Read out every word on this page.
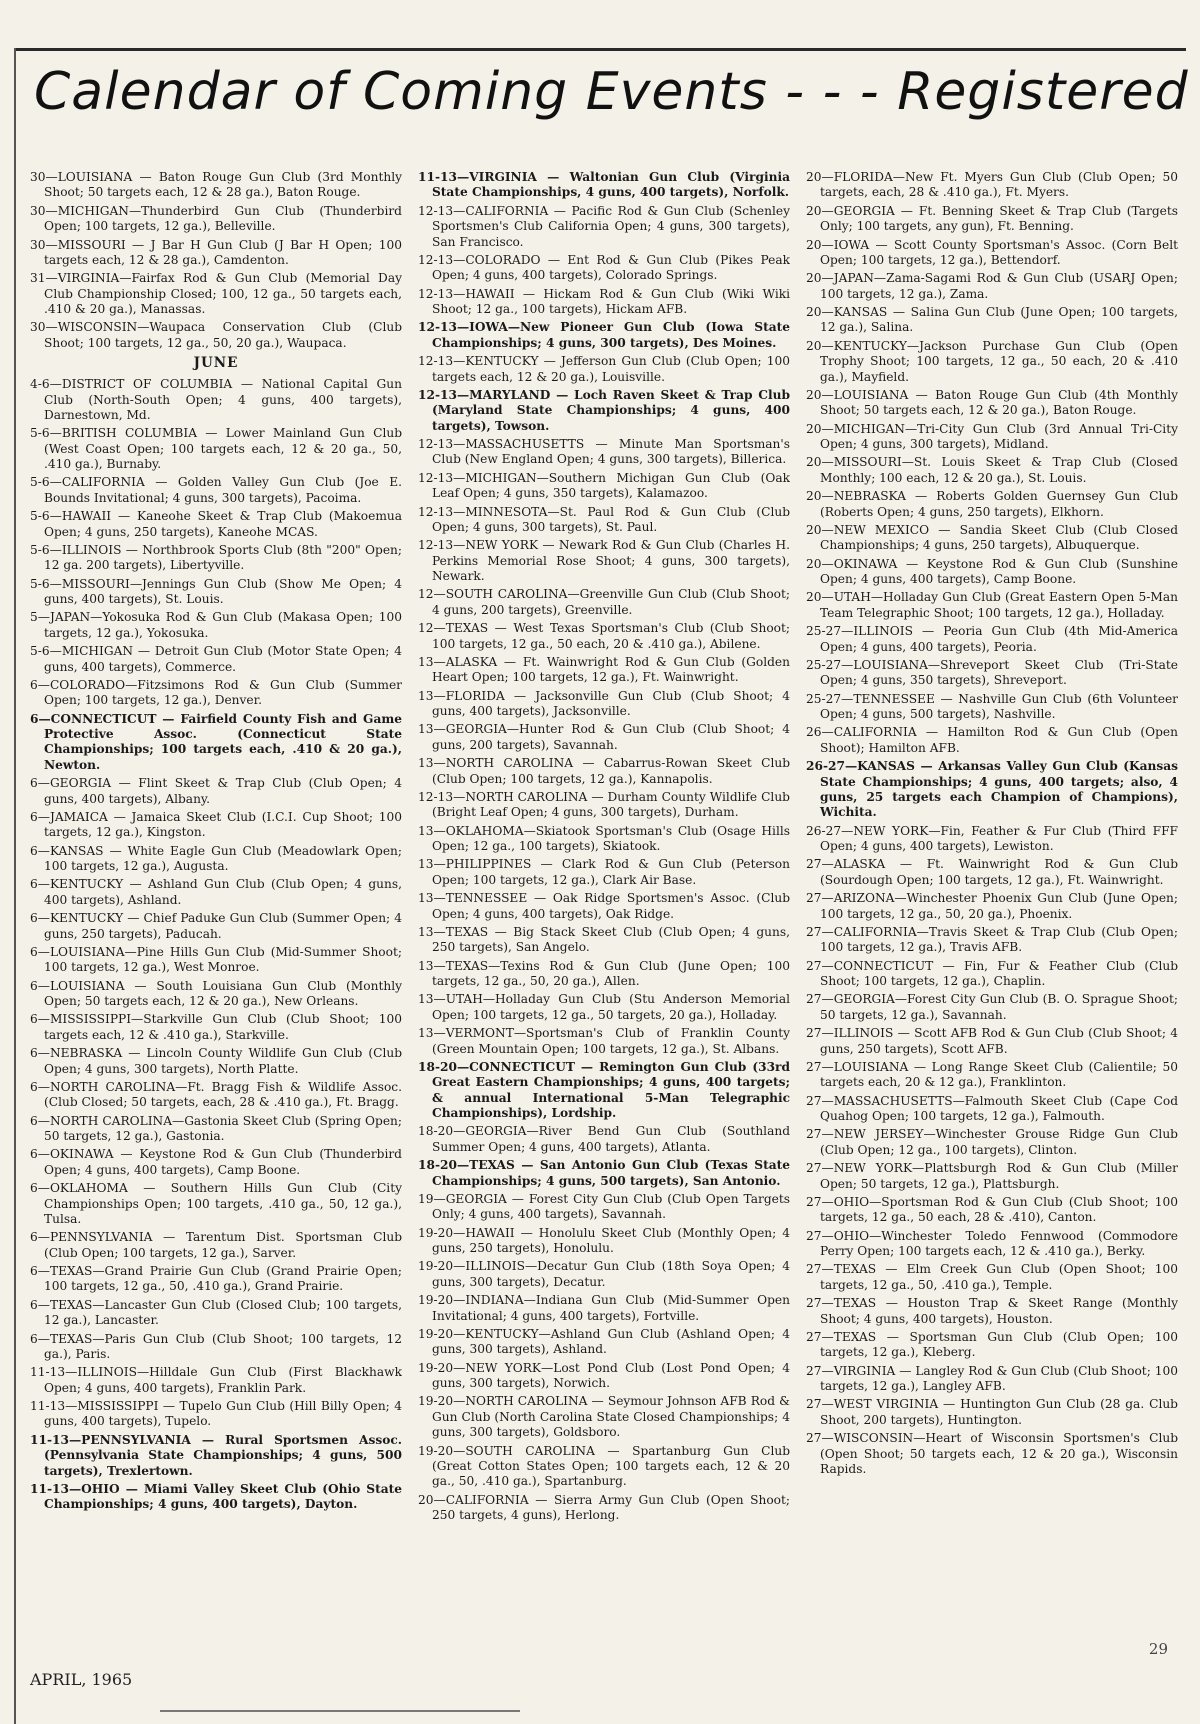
Calendar of Coming Events - - - Registered

30—LOUISIANA — Baton Rouge Gun Club (3rd Monthly Shoot; 50 targets each, 12 & 28 ga.), Baton Rouge.

30—MICHIGAN—Thunderbird Gun Club (Thunderbird Open; 100 targets, 12 ga.), Belleville.

30—MISSOURI — J Bar H Gun Club (J Bar H Open; 100 targets each, 12 & 28 ga.), Camdenton.

31—VIRGINIA—Fairfax Rod & Gun Club (Memorial Day Club Championship Closed; 100, 12 ga., 50 targets each, .410 & 20 ga.), Manassas.

30—WISCONSIN—Waupaca Conservation Club (Club Shoot; 100 targets, 12 ga., 50, 20 ga.), Waupaca.

JUNE

4-6—DISTRICT OF COLUMBIA — National Capital Gun Club (North-South Open; 4 guns, 400 targets), Darnestown, Md.

5-6—BRITISH COLUMBIA — Lower Mainland Gun Club (West Coast Open; 100 targets each, 12 & 20 ga., 50, .410 ga.), Burnaby.

5-6—CALIFORNIA — Golden Valley Gun Club (Joe E. Bounds Invitational; 4 guns, 300 targets), Pacoima.

5-6—HAWAII — Kaneohe Skeet & Trap Club (Makoemua Open; 4 guns, 250 targets), Kaneohe MCAS.

5-6—ILLINOIS — Northbrook Sports Club (8th "200" Open; 12 ga. 200 targets), Libertyville.

5-6—MISSOURI—Jennings Gun Club (Show Me Open; 4 guns, 400 targets), St. Louis.

5—JAPAN—Yokosuka Rod & Gun Club (Makasa Open; 100 targets, 12 ga.), Yokosuka.

5-6—MICHIGAN — Detroit Gun Club (Motor State Open; 4 guns, 400 targets), Commerce.

6—COLORADO—Fitzsimons Rod & Gun Club (Summer Open; 100 targets, 12 ga.), Denver.

6—CONNECTICUT — Fairfield County Fish and Game Protective Assoc. (Connecticut State Championships; 100 targets each, .410 & 20 ga.), Newton.

6—GEORGIA — Flint Skeet & Trap Club (Club Open; 4 guns, 400 targets), Albany.

6—JAMAICA — Jamaica Skeet Club (I.C.I. Cup Shoot; 100 targets, 12 ga.), Kingston.

6—KANSAS — White Eagle Gun Club (Meadowlark Open; 100 targets, 12 ga.), Augusta.

6—KENTUCKY — Ashland Gun Club (Club Open; 4 guns, 400 targets), Ashland.

6—KENTUCKY — Chief Paduke Gun Club (Summer Open; 4 guns, 250 targets), Paducah.

6—LOUISIANA—Pine Hills Gun Club (Mid-Summer Shoot; 100 targets, 12 ga.), West Monroe.

6—LOUISIANA — South Louisiana Gun Club (Monthly Open; 50 targets each, 12 & 20 ga.), New Orleans.

6—MISSISSIPPI—Starkville Gun Club (Club Shoot; 100 targets each, 12 & .410 ga.), Starkville.

6—NEBRASKA — Lincoln County Wildlife Gun Club (Club Open; 4 guns, 300 targets), North Platte.

6—NORTH CAROLINA—Ft. Bragg Fish & Wildlife Assoc. (Club Closed; 50 targets, each, 28 & .410 ga.), Ft. Bragg.

6—NORTH CAROLINA—Gastonia Skeet Club (Spring Open; 50 targets, 12 ga.), Gastonia.

6—OKINAWA — Keystone Rod & Gun Club (Thunderbird Open; 4 guns, 400 targets), Camp Boone.

6—OKLAHOMA — Southern Hills Gun Club (City Championships Open; 100 targets, .410 ga., 50, 12 ga.), Tulsa.

6—PENNSYLVANIA — Tarentum Dist. Sportsman Club (Club Open; 100 targets, 12 ga.), Sarver.

6—TEXAS—Grand Prairie Gun Club (Grand Prairie Open; 100 targets, 12 ga., 50, .410 ga.), Grand Prairie.

6—TEXAS—Lancaster Gun Club (Closed Club; 100 targets, 12 ga.), Lancaster.

6—TEXAS—Paris Gun Club (Club Shoot; 100 targets, 12 ga.), Paris.

11-13—ILLINOIS—Hilldale Gun Club (First Blackhawk Open; 4 guns, 400 targets), Franklin Park.

11-13—MISSISSIPPI — Tupelo Gun Club (Hill Billy Open; 4 guns, 400 targets), Tupelo.

11-13—PENNSYLVANIA — Rural Sportsmen Assoc. (Pennsylvania State Championships; 4 guns, 500 targets), Trexlertown.

11-13—OHIO — Miami Valley Skeet Club (Ohio State Championships; 4 guns, 400 targets), Dayton.

11-13—VIRGINIA — Waltonian Gun Club (Virginia State Championships, 4 guns, 400 targets), Norfolk.

12-13—CALIFORNIA — Pacific Rod & Gun Club (Schenley Sportsmen's Club California Open; 4 guns, 300 targets), San Francisco.

12-13—COLORADO — Ent Rod & Gun Club (Pikes Peak Open; 4 guns, 400 targets), Colorado Springs.

12-13—HAWAII — Hickam Rod & Gun Club (Wiki Wiki Shoot; 12 ga., 100 targets), Hickam AFB.

12-13—IOWA—New Pioneer Gun Club (Iowa State Championships; 4 guns, 300 targets), Des Moines.

12-13—KENTUCKY — Jefferson Gun Club (Club Open; 100 targets each, 12 & 20 ga.), Louisville.

12-13—MARYLAND — Loch Raven Skeet & Trap Club (Maryland State Championships; 4 guns, 400 targets), Towson.

12-13—MASSACHUSETTS — Minute Man Sportsman's Club (New England Open; 4 guns, 300 targets), Billerica.

12-13—MICHIGAN—Southern Michigan Gun Club (Oak Leaf Open; 4 guns, 350 targets), Kalamazoo.

12-13—MINNESOTA—St. Paul Rod & Gun Club (Club Open; 4 guns, 300 targets), St. Paul.

12-13—NEW YORK — Newark Rod & Gun Club (Charles H. Perkins Memorial Rose Shoot; 4 guns, 300 targets), Newark.

12—SOUTH CAROLINA—Greenville Gun Club (Club Shoot; 4 guns, 200 targets), Greenville.

12—TEXAS — West Texas Sportsman's Club (Club Shoot; 100 targets, 12 ga., 50 each, 20 & .410 ga.), Abilene.

13—ALASKA — Ft. Wainwright Rod & Gun Club (Golden Heart Open; 100 targets, 12 ga.), Ft. Wainwright.

13—FLORIDA — Jacksonville Gun Club (Club Shoot; 4 guns, 400 targets), Jacksonville.

13—GEORGIA—Hunter Rod & Gun Club (Club Shoot; 4 guns, 200 targets), Savannah.

13—NORTH CAROLINA — Cabarrus-Rowan Skeet Club (Club Open; 100 targets, 12 ga.), Kannapolis.

12-13—NORTH CAROLINA — Durham County Wildlife Club (Bright Leaf Open; 4 guns, 300 targets), Durham.

13—OKLAHOMA—Skiatook Sportsman's Club (Osage Hills Open; 12 ga., 100 targets), Skiatook.

13—PHILIPPINES — Clark Rod & Gun Club (Peterson Open; 100 targets, 12 ga.), Clark Air Base.

13—TENNESSEE — Oak Ridge Sportsmen's Assoc. (Club Open; 4 guns, 400 targets), Oak Ridge.

13—TEXAS — Big Stack Skeet Club (Club Open; 4 guns, 250 targets), San Angelo.

13—TEXAS—Texins Rod & Gun Club (June Open; 100 targets, 12 ga., 50, 20 ga.), Allen.

13—UTAH—Holladay Gun Club (Stu Anderson Memorial Open; 100 targets, 12 ga., 50 targets, 20 ga.), Holladay.

13—VERMONT—Sportsman's Club of Franklin County (Green Mountain Open; 100 targets, 12 ga.), St. Albans.

18-20—CONNECTICUT — Remington Gun Club (33rd Great Eastern Championships; 4 guns, 400 targets; & annual International 5-Man Telegraphic Championships), Lordship.

18-20—GEORGIA—River Bend Gun Club (Southland Summer Open; 4 guns, 400 targets), Atlanta.

18-20—TEXAS — San Antonio Gun Club (Texas State Championships; 4 guns, 500 targets), San Antonio.

19—GEORGIA — Forest City Gun Club (Club Open Targets Only; 4 guns, 400 targets), Savannah.

19-20—HAWAII — Honolulu Skeet Club (Monthly Open; 4 guns, 250 targets), Honolulu.

19-20—ILLINOIS—Decatur Gun Club (18th Soya Open; 4 guns, 300 targets), Decatur.

19-20—INDIANA—Indiana Gun Club (Mid-Summer Open Invitational; 4 guns, 400 targets), Fortville.

19-20—KENTUCKY—Ashland Gun Club (Ashland Open; 4 guns, 300 targets), Ashland.

19-20—NEW YORK—Lost Pond Club (Lost Pond Open; 4 guns, 300 targets), Norwich.

19-20—NORTH CAROLINA — Seymour Johnson AFB Rod & Gun Club (North Carolina State Closed Championships; 4 guns, 300 targets), Goldsboro.

19-20—SOUTH CAROLINA — Spartanburg Gun Club (Great Cotton States Open; 100 targets each, 12 & 20 ga., 50, .410 ga.), Spartanburg.

20—CALIFORNIA — Sierra Army Gun Club (Open Shoot; 250 targets, 4 guns), Herlong.

20—FLORIDA—New Ft. Myers Gun Club (Club Open; 50 targets, each, 28 & .410 ga.), Ft. Myers.

20—GEORGIA — Ft. Benning Skeet & Trap Club (Targets Only; 100 targets, any gun), Ft. Benning.

20—IOWA — Scott County Sportsman's Assoc. (Corn Belt Open; 100 targets, 12 ga.), Bettendorf.

20—JAPAN—Zama-Sagami Rod & Gun Club (USARJ Open; 100 targets, 12 ga.), Zama.

20—KANSAS — Salina Gun Club (June Open; 100 targets, 12 ga.), Salina.

20—KENTUCKY—Jackson Purchase Gun Club (Open Trophy Shoot; 100 targets, 12 ga., 50 each, 20 & .410 ga.), Mayfield.

20—LOUISIANA — Baton Rouge Gun Club (4th Monthly Shoot; 50 targets each, 12 & 20 ga.), Baton Rouge.

20—MICHIGAN—Tri-City Gun Club (3rd Annual Tri-City Open; 4 guns, 300 targets), Midland.

20—MISSOURI—St. Louis Skeet & Trap Club (Closed Monthly; 100 each, 12 & 20 ga.), St. Louis.

20—NEBRASKA — Roberts Golden Guernsey Gun Club (Roberts Open; 4 guns, 250 targets), Elkhorn.

20—NEW MEXICO — Sandia Skeet Club (Club Closed Championships; 4 guns, 250 targets), Albuquerque.

20—OKINAWA — Keystone Rod & Gun Club (Sunshine Open; 4 guns, 400 targets), Camp Boone.

20—UTAH—Holladay Gun Club (Great Eastern Open 5-Man Team Telegraphic Shoot; 100 targets, 12 ga.), Holladay.

25-27—ILLINOIS — Peoria Gun Club (4th Mid-America Open; 4 guns, 400 targets), Peoria.

25-27—LOUISIANA—Shreveport Skeet Club (Tri-State Open; 4 guns, 350 targets), Shreveport.

25-27—TENNESSEE — Nashville Gun Club (6th Volunteer Open; 4 guns, 500 targets), Nashville.

26—CALIFORNIA — Hamilton Rod & Gun Club (Open Shoot); Hamilton AFB.

26-27—KANSAS — Arkansas Valley Gun Club (Kansas State Championships; 4 guns, 400 targets; also, 4 guns, 25 targets each Champion of Champions), Wichita.

26-27—NEW YORK—Fin, Feather & Fur Club (Third FFF Open; 4 guns, 400 targets), Lewiston.

27—ALASKA — Ft. Wainwright Rod & Gun Club (Sourdough Open; 100 targets, 12 ga.), Ft. Wainwright.

27—ARIZONA—Winchester Phoenix Gun Club (June Open; 100 targets, 12 ga., 50, 20 ga.), Phoenix.

27—CALIFORNIA—Travis Skeet & Trap Club (Club Open; 100 targets, 12 ga.), Travis AFB.

27—CONNECTICUT — Fin, Fur & Feather Club (Club Shoot; 100 targets, 12 ga.), Chaplin.

27—GEORGIA—Forest City Gun Club (B. O. Sprague Shoot; 50 targets, 12 ga.), Savannah.

27—ILLINOIS — Scott AFB Rod & Gun Club (Club Shoot; 4 guns, 250 targets), Scott AFB.

27—LOUISIANA — Long Range Skeet Club (Calientile; 50 targets each, 20 & 12 ga.), Franklinton.

27—MASSACHUSETTS—Falmouth Skeet Club (Cape Cod Quahog Open; 100 targets, 12 ga.), Falmouth.

27—NEW JERSEY—Winchester Grouse Ridge Gun Club (Club Open; 12 ga., 100 targets), Clinton.

27—NEW YORK—Plattsburgh Rod & Gun Club (Miller Open; 50 targets, 12 ga.), Plattsburgh.

27—OHIO—Sportsman Rod & Gun Club (Club Shoot; 100 targets, 12 ga., 50 each, 28 & .410), Canton.

27—OHIO—Winchester Toledo Fennwood (Commodore Perry Open; 100 targets each, 12 & .410 ga.), Berky.

27—TEXAS — Elm Creek Gun Club (Open Shoot; 100 targets, 12 ga., 50, .410 ga.), Temple.

27—TEXAS — Houston Trap & Skeet Range (Monthly Shoot; 4 guns, 400 targets), Houston.

27—TEXAS — Sportsman Gun Club (Club Open; 100 targets, 12 ga.), Kleberg.

27—VIRGINIA — Langley Rod & Gun Club (Club Shoot; 100 targets, 12 ga.), Langley AFB.

27—WEST VIRGINIA — Huntington Gun Club (28 ga. Club Shoot, 200 targets), Huntington.

27—WISCONSIN—Heart of Wisconsin Sportsmen's Club (Open Shoot; 50 targets each, 12 & 20 ga.), Wisconsin Rapids.

APRIL, 1965
29
